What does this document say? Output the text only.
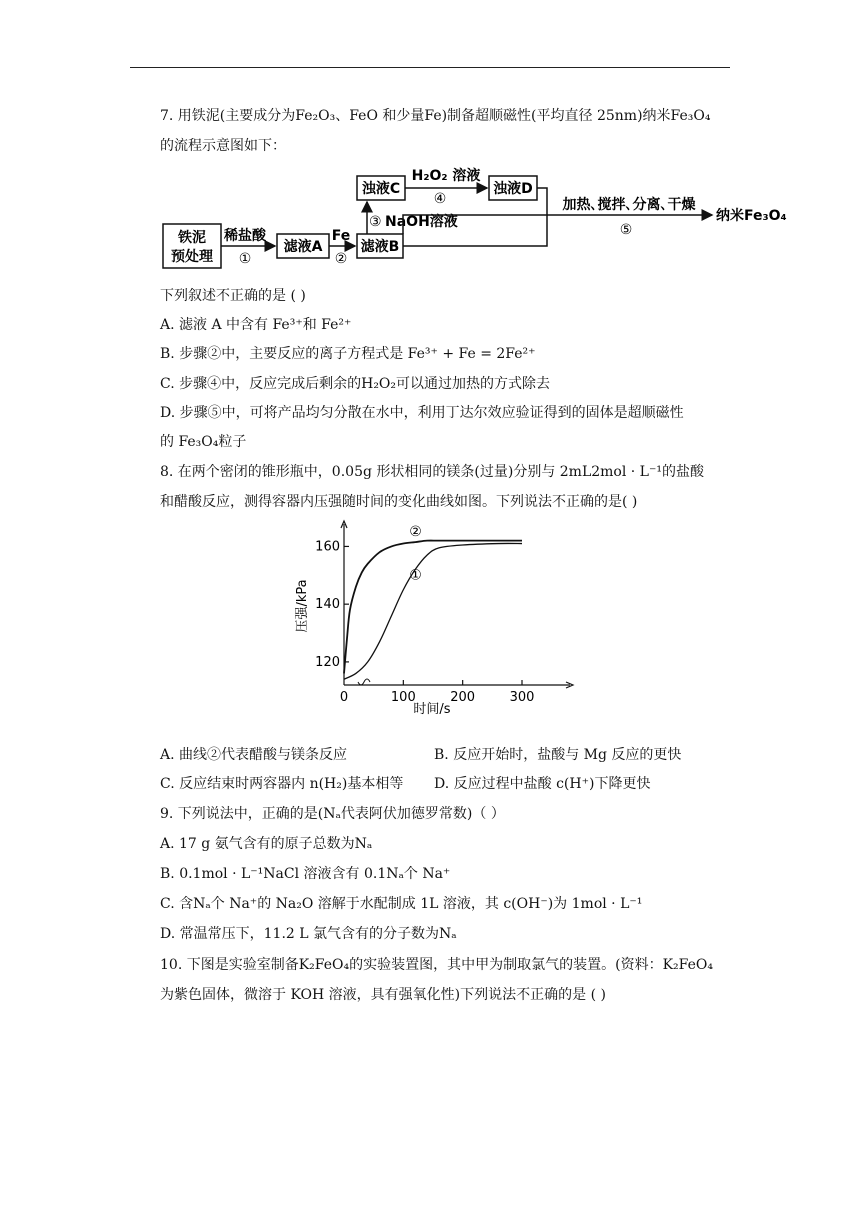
7. 用铁泥(主要成分为Fe₂O₃、FeO 和少量Fe)制备超顺磁性(平均直径 25nm)纳米Fe₃O₄
的流程示意图如下：
铁泥
预处理
滤液A	滤液B
浊液C	浊液D
稀盐酸
①
Fe
②
③ NaOH溶液
H₂O₂ 溶液
④	加热､搅拌､分离､干燥
⑤
纳米Fe₃O₄
下列叙述不正确的是 ( )
A. 滤液 A 中含有 Fe³⁺和 Fe²⁺
B. 步骤②中，主要反应的离子方程式是 Fe³⁺ + Fe = 2Fe²⁺
C. 步骤④中，反应完成后剩余的H₂O₂可以通过加热的方式除去
D. 步骤⑤中，可将产品均匀分散在水中，利用丁达尔效应验证得到的固体是超顺磁性
的 Fe₃O₄粒子
8. 在两个密闭的锥形瓶中，0.05g 形状相同的镁条(过量)分别与 2mL2mol · L⁻¹的盐酸
和醋酸反应，测得容器内压强随时间的变化曲线如图。下列说法不正确的是( )
120
140
160
0	100	200	300
时间/s
压强/kPa
①
②
A. 曲线②代表醋酸与镁条反应	B. 反应开始时，盐酸与 Mg 反应的更快
C. 反应结束时两容器内 n(H₂)基本相等 D. 反应过程中盐酸 c(H⁺)下降更快
9. 下列说法中，正确的是(Nₐ代表阿伏加德罗常数)（ ）
A. 17 g 氨气含有的原子总数为Nₐ
B. 0.1mol · L⁻¹NaCl 溶液含有 0.1Nₐ个 Na⁺
C. 含Nₐ个 Na⁺的 Na₂O 溶解于水配制成 1L 溶液，其 c(OH⁻)为 1mol · L⁻¹
D. 常温常压下，11.2 L 氯气含有的分子数为Nₐ
10. 下图是实验室制备K₂FeO₄的实验装置图，其中甲为制取氯气的装置。(资料：K₂FeO₄
为紫色固体，微溶于 KOH 溶液，具有强氧化性)下列说法不正确的是 ( )
